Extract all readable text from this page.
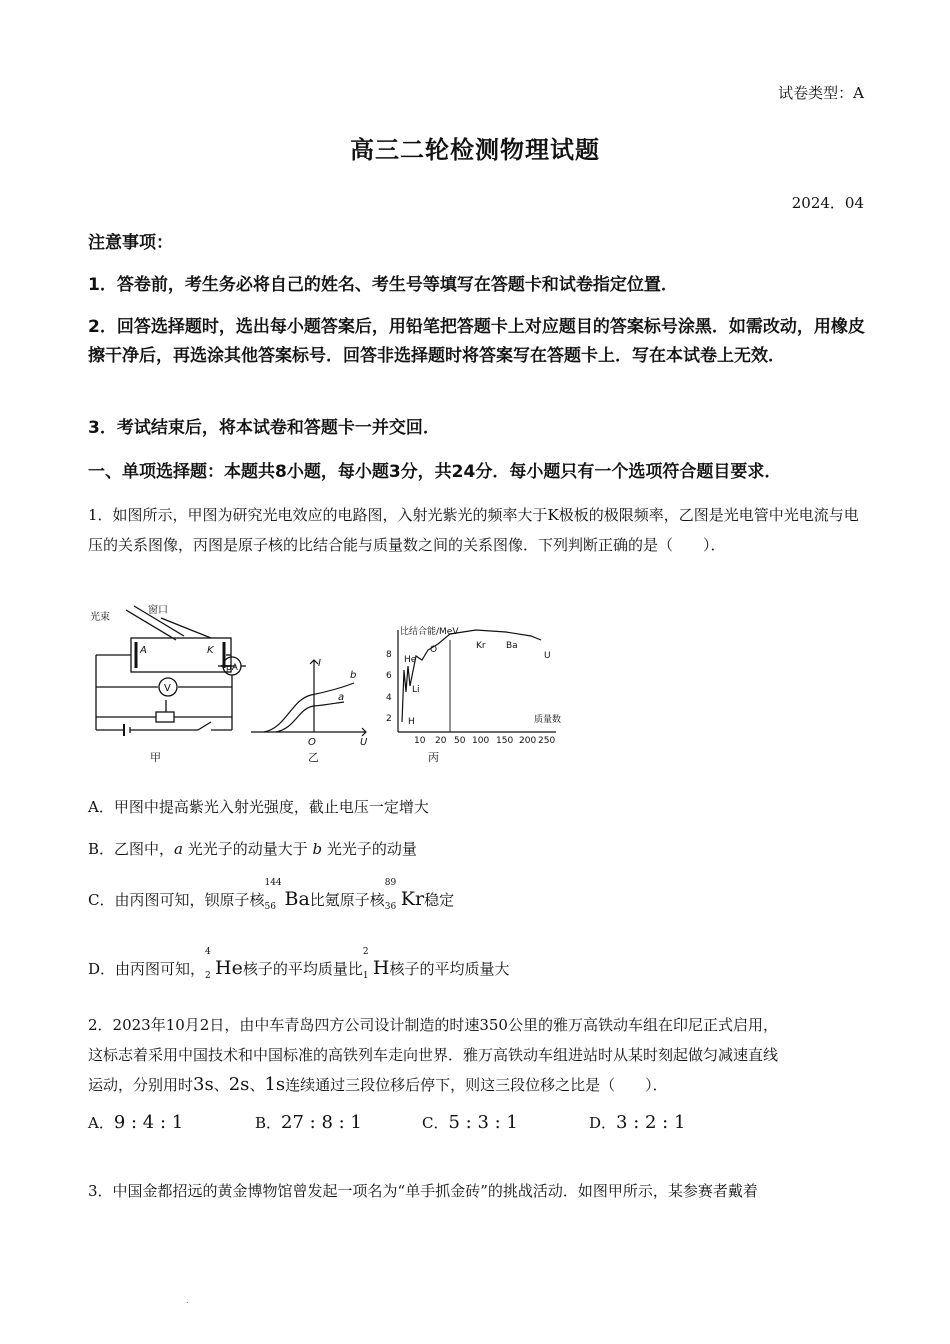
试卷类型：A
高三二轮检测物理试题
2024．04
注意事项：
1．答卷前，考生务必将自己的姓名、考生号等填写在答题卡和试卷指定位置．
2．回答选择题时，选出每小题答案后，用铅笔把答题卡上对应题目的答案标号涂黑．如需改动，用橡皮擦干净后，再选涂其他答案标号．回答非选择题时将答案写在答题卡上．写在本试卷上无效．
3．考试结束后，将本试卷和答题卡一并交回．
一、单项选择题：本题共8小题，每小题3分，共24分．每小题只有一个选项符合题目要求．
1．如图所示，甲图为研究光电效应的电路图，入射光紫光的频率大于K极板的极限频率，乙图是光电管中光电流与电压的关系图像，丙图是原子核的比结合能与质量数之间的关系图像．下列判断正确的是（　　）．
光束
窗口
A	K
μA
V
甲
I
U
O
b
a
乙
比结合能/MeV
质量数
8
6
4
2
10 20 50 100 150 200 250
He
O	Kr Ba
U
Li
H
丙
A．甲图中提高紫光入射光强度，截止电压一定增大
B．乙图中，a 光光子的动量大于 b 光光子的动量
C．由丙图可知，钡原子核
144
56 Ba比氪原子核
89
36 Kr稳定
D．由丙图可知，
4
2 He核子的平均质量比
2
1 H核子的平均质量大
2．2023年10月2日，由中车青岛四方公司设计制造的时速350公里的雅万高铁动车组在印尼正式启用，
这标志着采用中国技术和中国标准的高铁列车走向世界．雅万高铁动车组进站时从某时刻起做匀减速直线
运动，分别用时3s、2s、1s连续通过三段位移后停下，则这三段位移之比是（　　）．
A．9 : 4 : 1	B．27 : 8 : 1	C．5 : 3 : 1	D．3 : 2 : 1
3．中国金都招远的黄金博物馆曾发起一项名为“单手抓金砖”的挑战活动．如图甲所示，某参赛者戴着
.
